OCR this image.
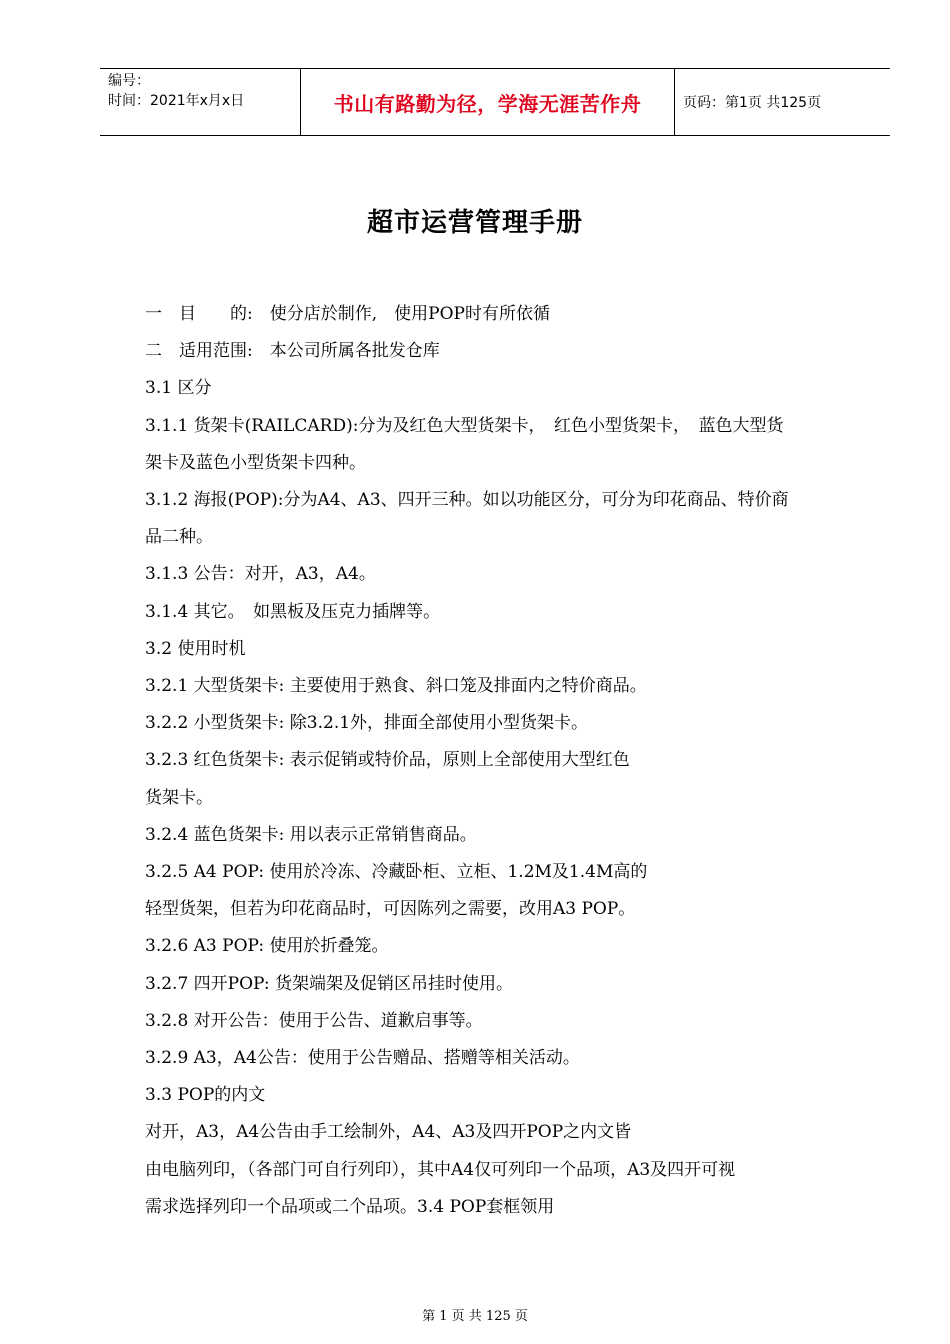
编号：
时间：2021年x月x日	书山有路勤为径，学海无涯苦作舟	页码：第1页 共125页
超市运营管理手册
一　目　　的:　使分店於制作,　使用POP时有所依循
二　适用范围:　本公司所属各批发仓库
3.1 区分
3.1.1 货架卡(RAILCARD):分为及红色大型货架卡，　红色小型货架卡，　蓝色大型货
架卡及蓝色小型货架卡四种。
3.1.2 海报(POP):分为A4、A3、四开三种。如以功能区分，可分为印花商品、特价商
品二种。
3.1.3 公告：对开，A3，A4。
3.1.4 其它。　如黑板及压克力插牌等。
3.2 使用时机
3.2.1 大型货架卡: 主要使用于熟食、斜口笼及排面内之特价商品。
3.2.2 小型货架卡: 除3.2.1外，排面全部使用小型货架卡。
3.2.3 红色货架卡: 表示促销或特价品，原则上全部使用大型红色
货架卡。
3.2.4 蓝色货架卡: 用以表示正常销售商品。
3.2.5 A4 POP: 使用於冷冻、冷藏卧柜、立柜、1.2M及1.4M高的
轻型货架，但若为印花商品时，可因陈列之需要，改用A3 POP。
3.2.6 A3 POP: 使用於折叠笼。
3.2.7 四开POP: 货架端架及促销区吊挂时使用。
3.2.8 对开公告：使用于公告、道歉启事等。
3.2.9 A3，A4公告：使用于公告赠品、搭赠等相关活动。
3.3 POP的内文
对开，A3，A4公告由手工绘制外，A4、A3及四开POP之内文皆
由电脑列印，（各部门可自行列印），其中A4仅可列印一个品项，A3及四开可视
需求选择列印一个品项或二个品项。3.4 POP套框领用
第 1 页 共 125 页
